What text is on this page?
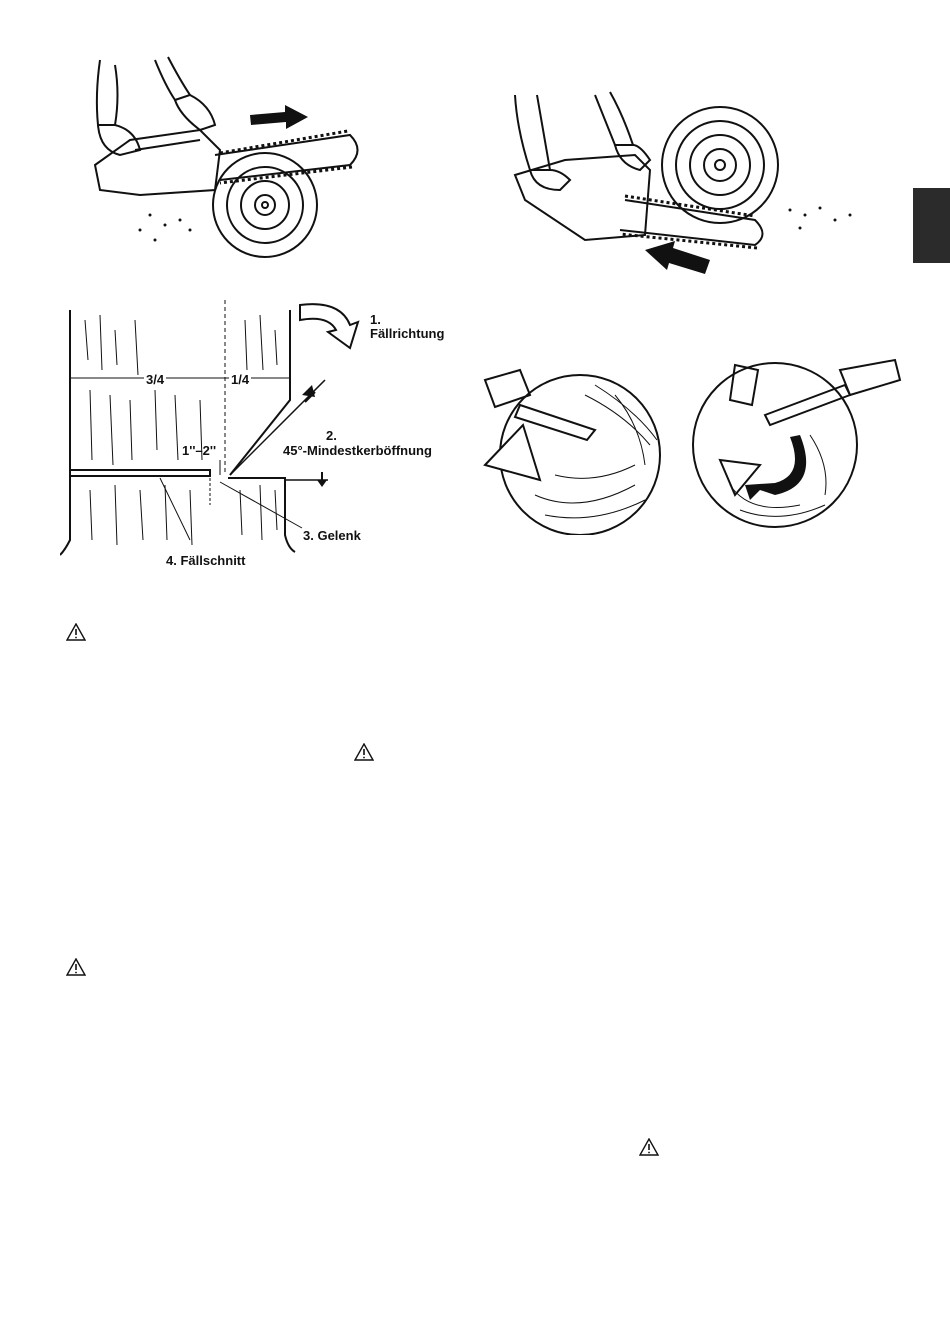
3/4	1/4
1.
Fällrichtung
2.
45°-Mindestkerböffnung
1''–2''
3. Gelenk
4. Fällschnitt
